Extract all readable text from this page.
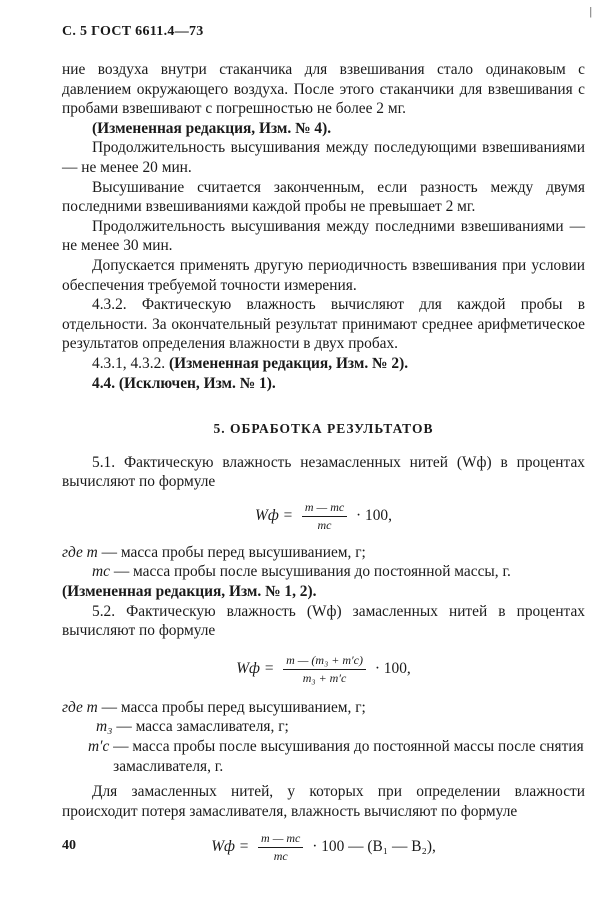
С. 5 ГОСТ 6611.4—73
|

ние воздуха внутри стаканчика для взвешивания стало одинаковым с давлением окружающего воздуха. После этого стаканчики для взвешивания с пробами взвешивают с погрешностью не более 2 мг.

(Измененная редакция, Изм. № 4).

Продолжительность высушивания между последующими взвешиваниями — не менее 20 мин.

Высушивание считается законченным, если разность между двумя последними взвешиваниями каждой пробы не превышает 2 мг.

Продолжительность высушивания между последними взвешиваниями — не менее 30 мин.

Допускается применять другую периодичность взвешивания при условии обеспечения требуемой точности измерения.

4.3.2. Фактическую влажность вычисляют для каждой пробы в отдельности. За окончательный результат принимают среднее арифметическое результатов определения влажности в двух пробах.

4.3.1, 4.3.2. (Измененная редакция, Изм. № 2).

4.4. (Исключен, Изм. № 1).

5. ОБРАБОТКА РЕЗУЛЬТАТОВ

5.1. Фактическую влажность незамасленных нитей (Wф) в процентах вычисляют по формуле

Wф = $\frac{m — mс}{mс} \cdot 100$,
где m
— масса пробы перед высушиванием, г;
mс
— масса пробы после высушивания до постоянной массы, г.

(Измененная редакция, Изм. № 1, 2).

5.2. Фактическую влажность (Wф) замасленных нитей в процентах вычисляют по формуле

Wф = $\frac{\text{m — (m₃ + m′с)}}{\text{m₃ + m′с}} \cdot 100$,
где m
— масса пробы перед высушиванием, г;
m₃
— масса замасливателя, г;
m′с
— масса пробы после высушивания до постоянной массы после снятия замасливателя, г.

Для замасленных нитей, у которых при определении влажности происходит потеря замасливателя, влажность вычисляют по формуле

Wф = $\frac{m — mс}{mс} \cdot 100$ — (B₁ — B₂),
40
